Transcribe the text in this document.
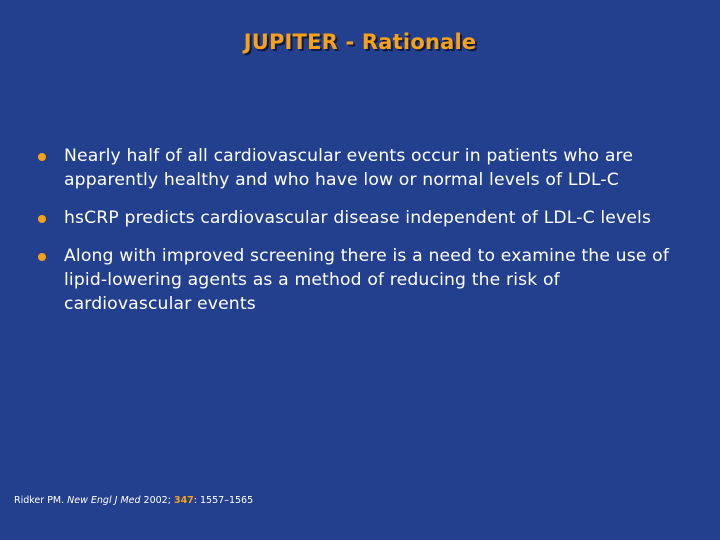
JUPITER - Rationale
Nearly half of all cardiovascular events occur in patients who are apparently healthy and who have low or normal levels of LDL-C
hsCRP predicts cardiovascular disease independent of LDL-C levels
Along with improved screening there is a need to examine the use of lipid-lowering agents as a method of reducing the risk of cardiovascular events
Ridker PM. New Engl J Med 2002; 347: 1557–1565
